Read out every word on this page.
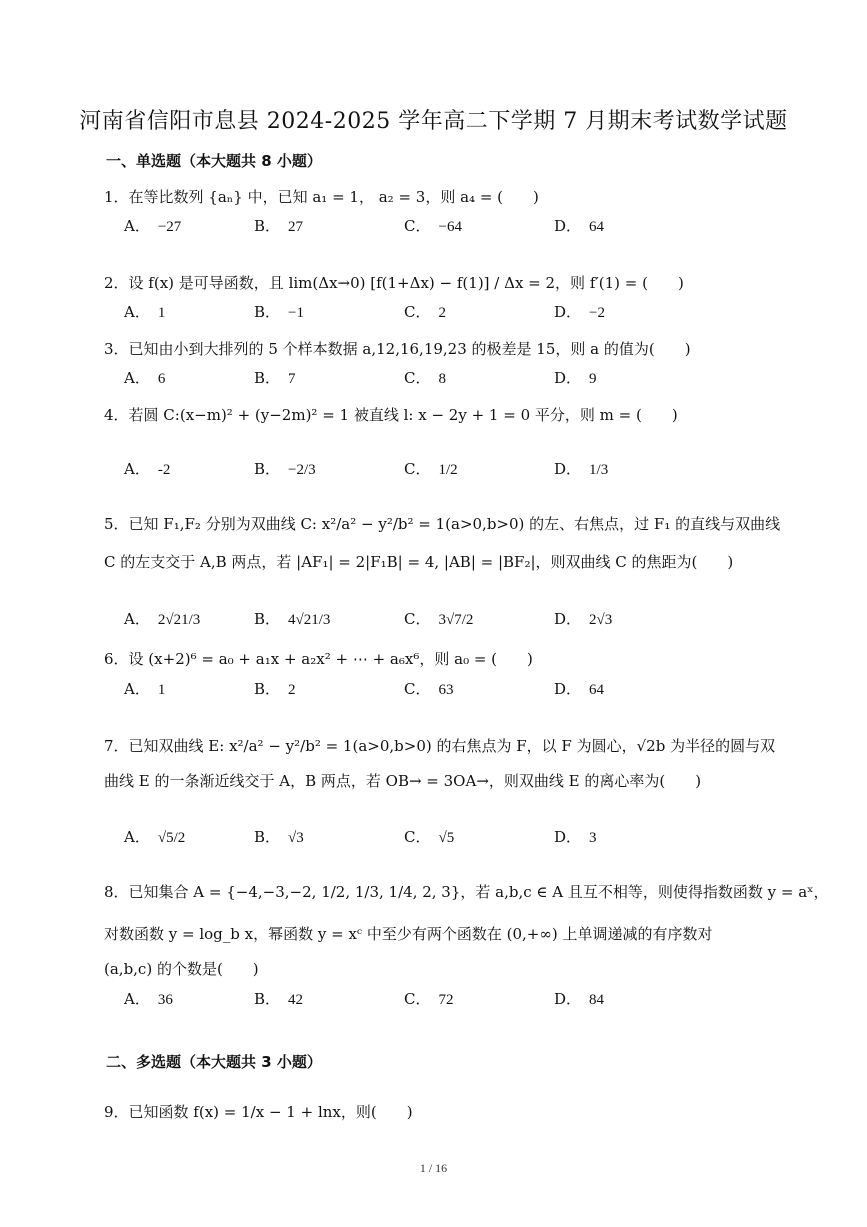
河南省信阳市息县 2024-2025 学年高二下学期 7 月期末考试数学试题
一、单选题（本大题共 8 小题）
1．在等比数列 {aₙ} 中，已知 a₁ = 1， a₂ = 3，则 a₄ = (　　)
A． −27	B． 27	C． −64	D． 64
2．设 f(x) 是可导函数，且 lim(Δx→0) [f(1+Δx) − f(1)] / Δx = 2，则 f′(1) = (　　)
A． 1	B． −1	C． 2	D． −2
3．已知由小到大排列的 5 个样本数据 a,12,16,19,23 的极差是 15，则 a 的值为(　　)
A． 6	B． 7	C． 8	D． 9
4．若圆 C:(x−m)² + (y−2m)² = 1 被直线 l: x − 2y + 1 = 0 平分，则 m = (　　)
A． -2	B． −2/3	C． 1/2	D． 1/3
5．已知 F₁,F₂ 分别为双曲线 C: x²/a² − y²/b² = 1(a>0,b>0) 的左、右焦点，过 F₁ 的直线与双曲线
C 的左支交于 A,B 两点，若 |AF₁| = 2|F₁B| = 4, |AB| = |BF₂|，则双曲线 C 的焦距为(　　)
A． 2√21/3	B． 4√21/3	C． 3√7/2	D． 2√3
6．设 (x+2)⁶ = a₀ + a₁x + a₂x² + ⋯ + a₆x⁶，则 a₀ = (　　)
A． 1	B． 2	C． 63	D． 64
7．已知双曲线 E: x²/a² − y²/b² = 1(a>0,b>0) 的右焦点为 F，以 F 为圆心，√2b 为半径的圆与双
曲线 E 的一条渐近线交于 A，B 两点，若 OB→ = 3OA→，则双曲线 E 的离心率为(　　)
A． √5/2	B． √3	C． √5	D． 3
8．已知集合 A = {−4,−3,−2, 1/2, 1/3, 1/4, 2, 3}，若 a,b,c ∈ A 且互不相等，则使得指数函数 y = aˣ，
对数函数 y = log_b x，幂函数 y = xᶜ 中至少有两个函数在 (0,+∞) 上单调递减的有序数对
(a,b,c) 的个数是(　　)
A． 36	B． 42	C． 72	D． 84
二、多选题（本大题共 3 小题）
9．已知函数 f(x) = 1/x − 1 + lnx，则(　　)
1 / 16
